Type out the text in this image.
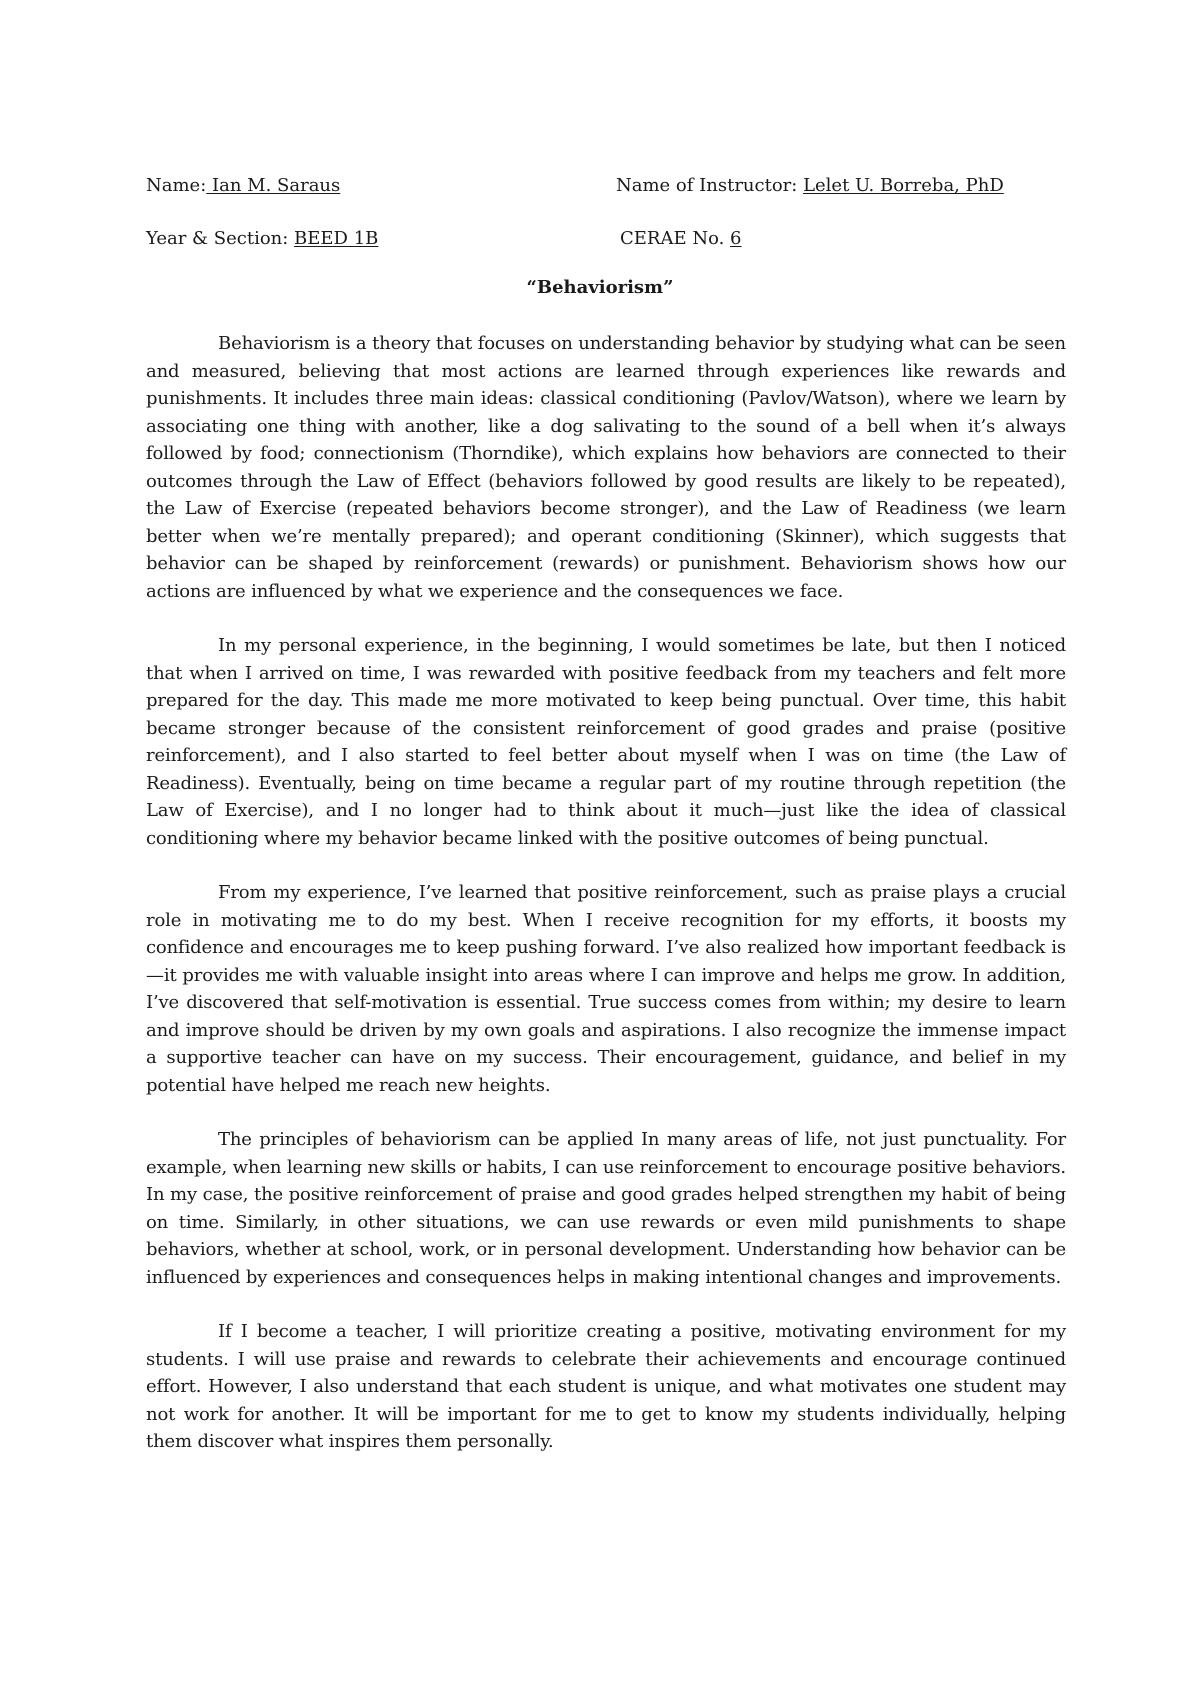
Name: Ian M. Saraus	Name of Instructor: Lelet U. Borreba, PhD
Year & Section: BEED 1B	CERAE No. 6
“Behaviorism”

Behaviorism is a theory that focuses on understanding behavior by studying what can be seen and measured, believing that most actions are learned through experiences like rewards and punishments. It includes three main ideas: classical conditioning (Pavlov/Watson), where we learn by associating one thing with another, like a dog salivating to the sound of a bell when it’s always followed by food; connectionism (Thorndike), which explains how behaviors are connected to their outcomes through the Law of Effect (behaviors followed by good results are likely to be repeated), the Law of Exercise (repeated behaviors become stronger), and the Law of Readiness (we learn better when we’re mentally prepared); and operant conditioning (Skinner), which suggests that behavior can be shaped by reinforcement (rewards) or punishment. Behaviorism shows how our actions are influenced by what we experience and the consequences we face.

In my personal experience, in the beginning, I would sometimes be late, but then I noticed that when I arrived on time, I was rewarded with positive feedback from my teachers and felt more prepared for the day. This made me more motivated to keep being punctual. Over time, this habit became stronger because of the consistent reinforcement of good grades and praise (positive reinforcement), and I also started to feel better about myself when I was on time (the Law of Readiness). Eventually, being on time became a regular part of my routine through repetition (the Law of Exercise), and I no longer had to think about it much—just like the idea of classical conditioning where my behavior became linked with the positive outcomes of being punctual.

From my experience, I’ve learned that positive reinforcement, such as praise plays a crucial role in motivating me to do my best. When I receive recognition for my efforts, it boosts my confidence and encourages me to keep pushing forward. I’ve also realized how important feedback is—it provides me with valuable insight into areas where I can improve and helps me grow. In addition, I’ve discovered that self-motivation is essential. True success comes from within; my desire to learn and improve should be driven by my own goals and aspirations. I also recognize the immense impact a supportive teacher can have on my success. Their encouragement, guidance, and belief in my potential have helped me reach new heights.

The principles of behaviorism can be applied In many areas of life, not just punctuality. For example, when learning new skills or habits, I can use reinforcement to encourage positive behaviors. In my case, the positive reinforcement of praise and good grades helped strengthen my habit of being on time. Similarly, in other situations, we can use rewards or even mild punishments to shape behaviors, whether at school, work, or in personal development. Understanding how behavior can be influenced by experiences and consequences helps in making intentional changes and improvements.

If I become a teacher, I will prioritize creating a positive, motivating environment for my students. I will use praise and rewards to celebrate their achievements and encourage continued effort. However, I also understand that each student is unique, and what motivates one student may not work for another. It will be important for me to get to know my students individually, helping them discover what inspires them personally.
